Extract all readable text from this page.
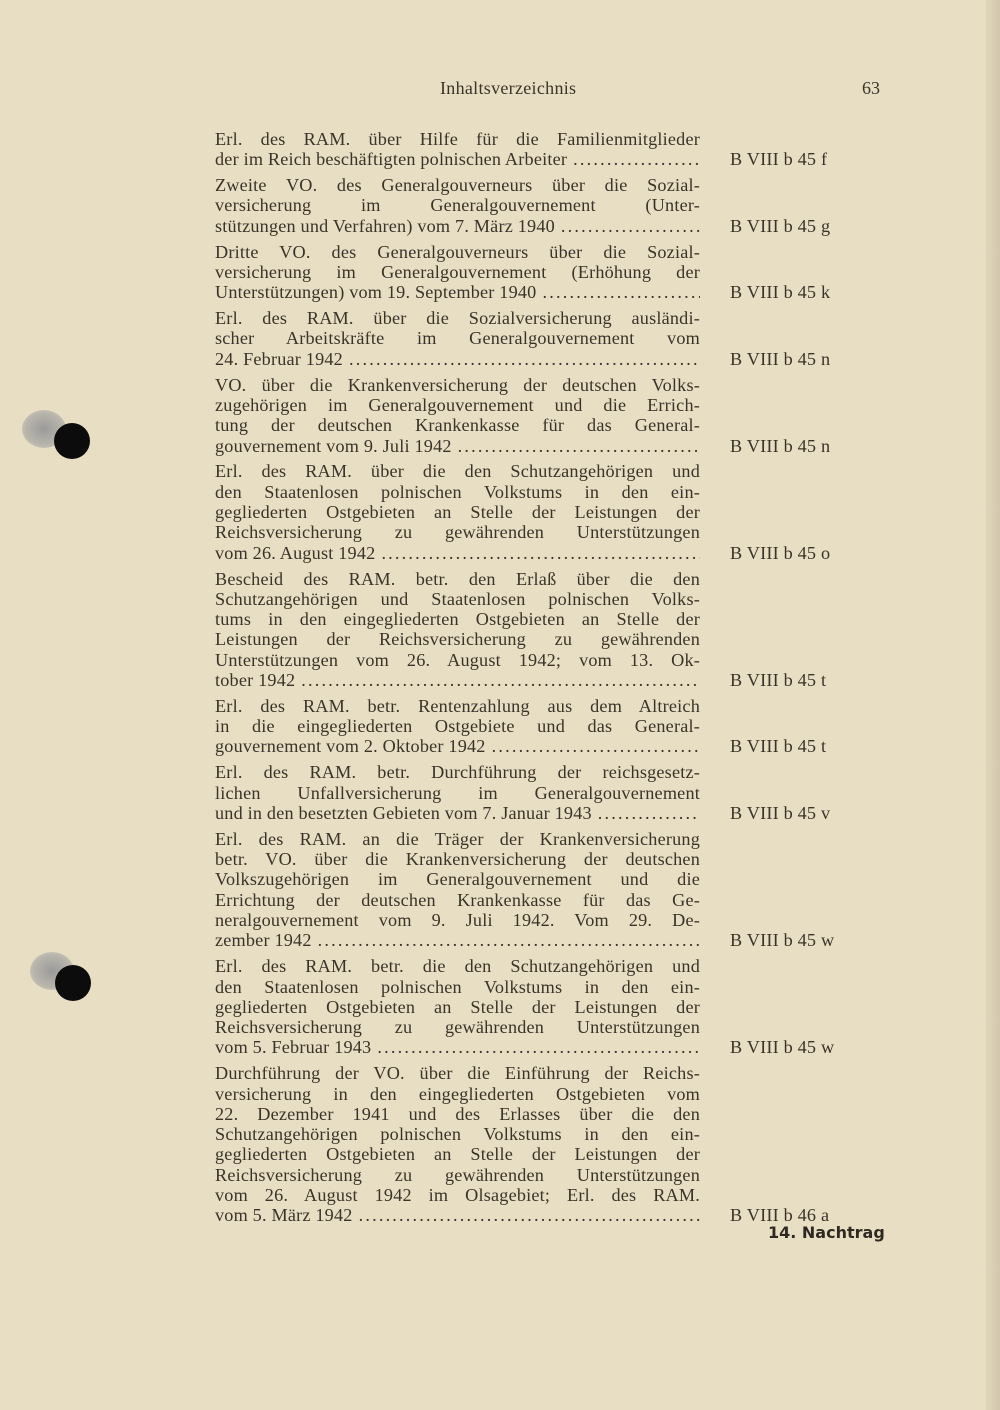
Inhaltsverzeichnis	63
Erl. des RAM. über Hilfe für die Familienmitglieder
der im Reich beschäftigten polnischen Arbeiter .....	B VIII b 45 f
Zweite VO. des Generalgouverneurs über die Sozial-
versicherung im Generalgouvernement (Unter-
stützungen und Verfahren) vom 7. März 1940 .....	B VIII b 45 g
Dritte VO. des Generalgouverneurs über die Sozial-
versicherung im Generalgouvernement (Erhöhung der
Unterstützungen) vom 19. September 1940 .....	B VIII b 45 k
Erl. des RAM. über die Sozialversicherung ausländi-
scher Arbeitskräfte im Generalgouvernement vom
24. Februar 1942 .....	B VIII b 45 n
VO. über die Krankenversicherung der deutschen Volks-
zugehörigen im Generalgouvernement und die Errich-
tung der deutschen Krankenkasse für das General-
gouvernement vom 9. Juli 1942 .....	B VIII b 45 n
Erl. des RAM. über die den Schutzangehörigen und
den Staatenlosen polnischen Volkstums in den ein-
gegliederten Ostgebieten an Stelle der Leistungen der
Reichsversicherung zu gewährenden Unterstützungen
vom 26. August 1942 .....	B VIII b 45 o
Bescheid des RAM. betr. den Erlaß über die den
Schutzangehörigen und Staatenlosen polnischen Volks-
tums in den eingegliederten Ostgebieten an Stelle der
Leistungen der Reichsversicherung zu gewährenden
Unterstützungen vom 26. August 1942; vom 13. Ok-
tober 1942 .....	B VIII b 45 t
Erl. des RAM. betr. Rentenzahlung aus dem Altreich
in die eingegliederten Ostgebiete und das General-
gouvernement vom 2. Oktober 1942 .....	B VIII b 45 t
Erl. des RAM. betr. Durchführung der reichsgesetz-
lichen Unfallversicherung im Generalgouvernement
und in den besetzten Gebieten vom 7. Januar 1943 .....	B VIII b 45 v
Erl. des RAM. an die Träger der Krankenversicherung
betr. VO. über die Krankenversicherung der deutschen
Volkszugehörigen im Generalgouvernement und die
Errichtung der deutschen Krankenkasse für das Ge-
neralgouvernement vom 9. Juli 1942. Vom 29. De-
zember 1942 .....	B VIII b 45 w
Erl. des RAM. betr. die den Schutzangehörigen und
den Staatenlosen polnischen Volkstums in den ein-
gegliederten Ostgebieten an Stelle der Leistungen der
Reichsversicherung zu gewährenden Unterstützungen
vom 5. Februar 1943 .....	B VIII b 45 w
Durchführung der VO. über die Einführung der Reichs-
versicherung in den eingegliederten Ostgebieten vom
22. Dezember 1941 und des Erlasses über die den
Schutzangehörigen polnischen Volkstums in den ein-
gegliederten Ostgebieten an Stelle der Leistungen der
Reichsversicherung zu gewährenden Unterstützungen
vom 26. August 1942 im Olsagebiet; Erl. des RAM.
vom 5. März 1942 .....	B VIII b 46 a
14. Nachtrag
